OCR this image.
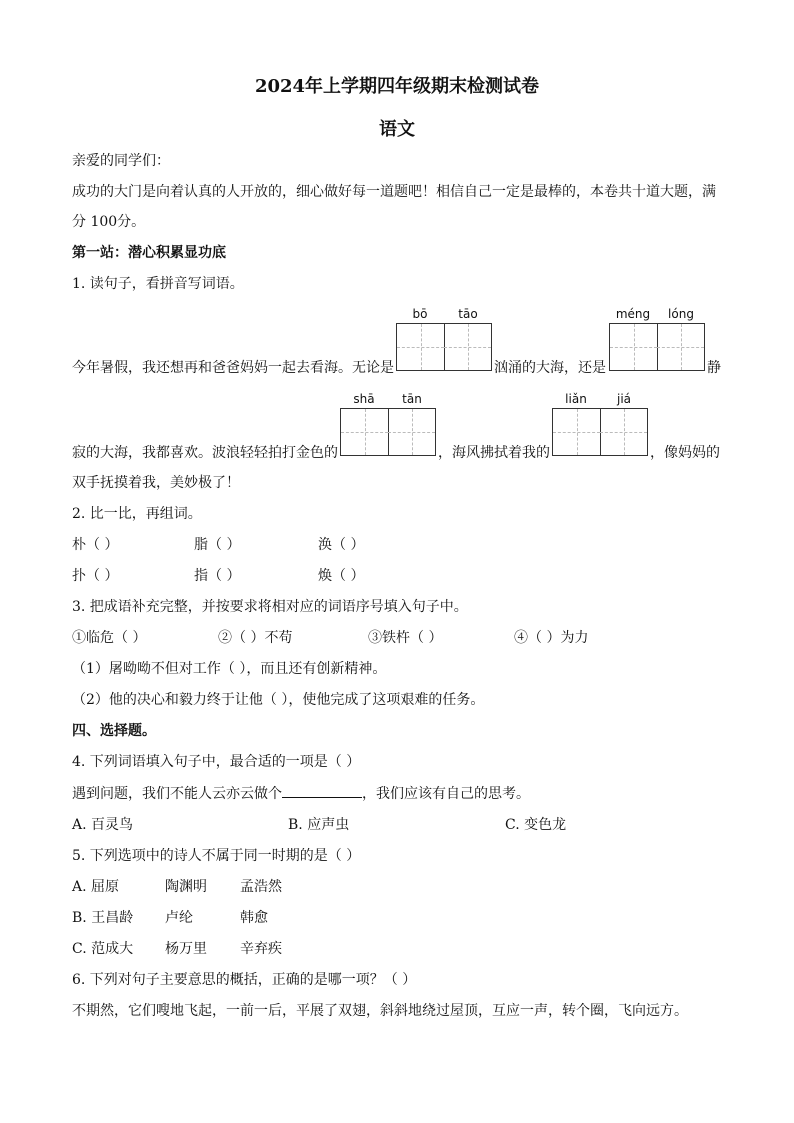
2024年上学期四年级期末检测试卷
语文
亲爱的同学们：
成功的大门是向着认真的人开放的，细心做好每一道题吧！相信自己一定是最棒的，本卷共十道大题，满
分 100分。
第一站：潜心积累显功底
1. 读句子，看拼音写词语。
bō	tāo	méng	lóng
今年暑假，我还想再和爸爸妈妈一起去看海。无论是	汹涌的大海，还是	静
shā	tān	liǎn	jiá
寂的大海，我都喜欢。波浪轻轻拍打金色的	，海风拂拭着我的	，像妈妈的
双手抚摸着我，美妙极了！
2. 比一比，再组词。
朴（ ）	脂（ ）	涣（ ）
扑（ ）	指（ ）	焕（ ）
3. 把成语补充完整，并按要求将相对应的词语序号填入句子中。
①临危（ ）	②（ ）不苟	③铁杵（ ）	④（ ）为力
（1）屠呦呦不但对工作（ ），而且还有创新精神。
（2）他的决心和毅力终于让他（ ），使他完成了这项艰难的任务。
四、选择题。
4. 下列词语填入句子中，最合适的一项是（ ）
遇到问题，我们不能人云亦云做个	，我们应该有自己的思考。
A. 百灵鸟	B. 应声虫	C. 变色龙
5. 下列选项中的诗人不属于同一时期的是（ ）
A. 屈原	陶渊明 孟浩然
B. 王昌龄 卢纶	韩愈
C. 范成大 杨万里 辛弃疾
6. 下列对句子主要意思的概括，正确的是哪一项？（ ）
不期然，它们嗖地飞起，一前一后，平展了双翅，斜斜地绕过屋顶，互应一声，转个圈，飞向远方。
